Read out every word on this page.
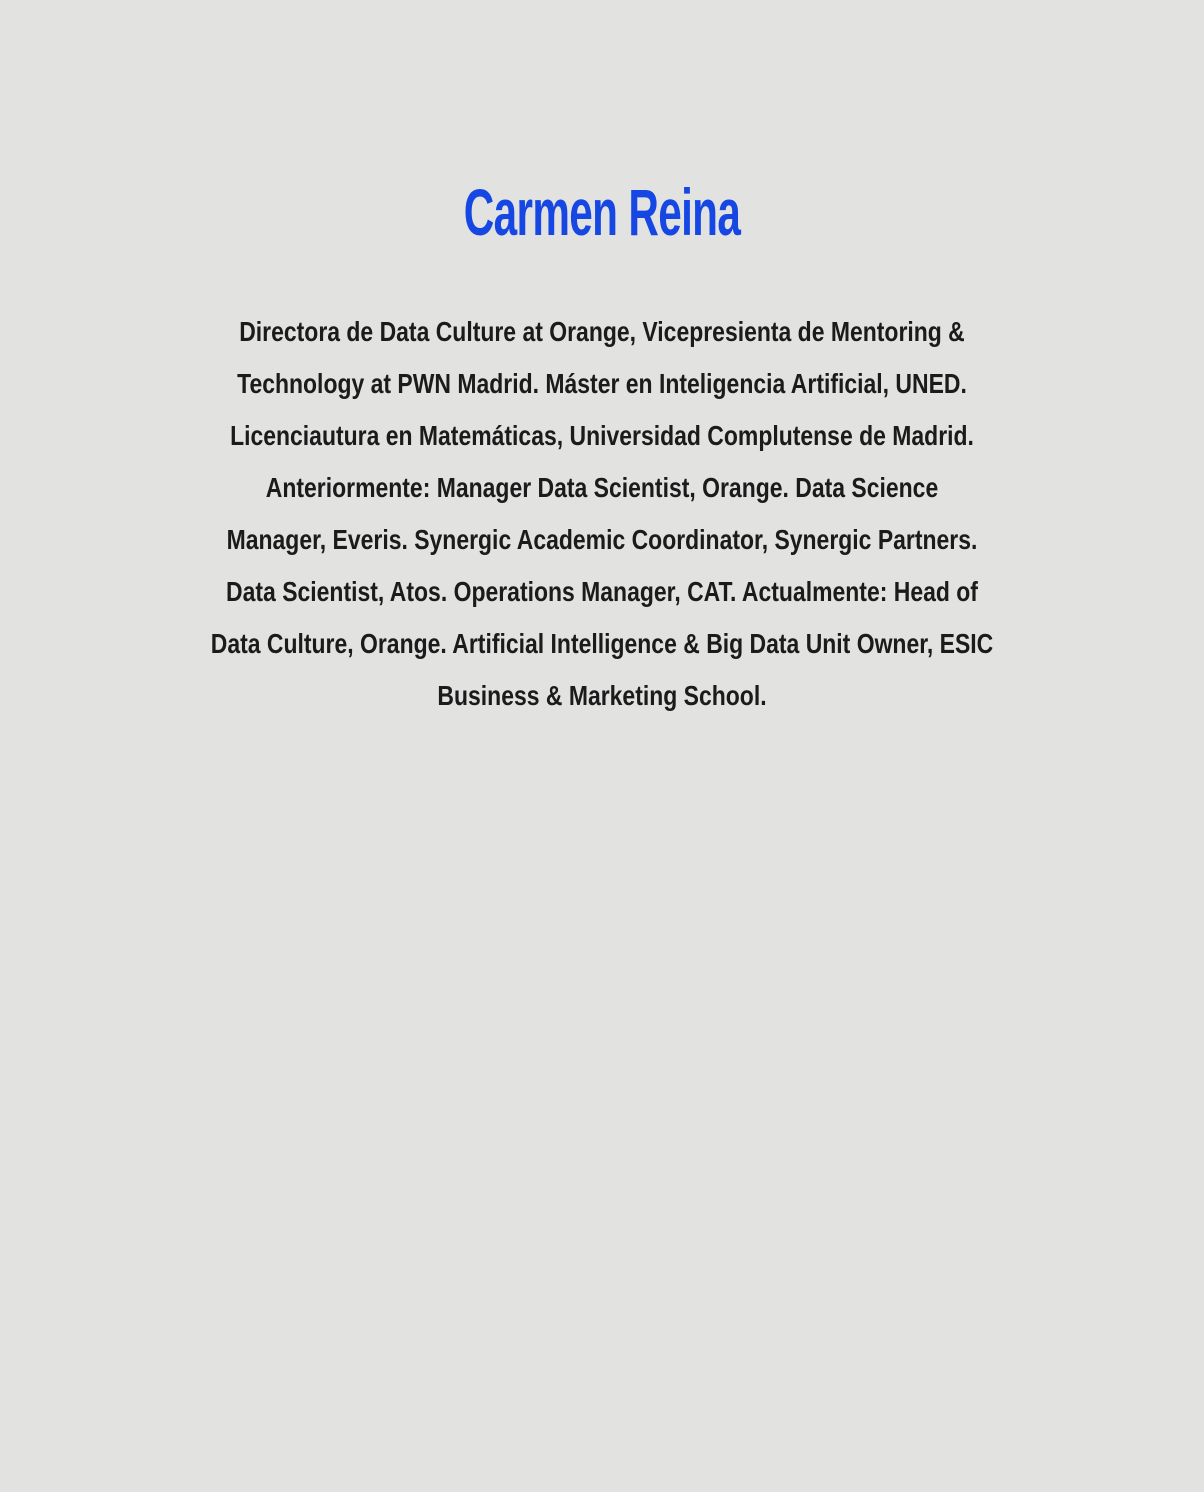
Carmen Reina

Directora de Data Culture at Orange, Vicepresienta de Mentoring &
Technology at PWN Madrid. Máster en Inteligencia Artificial, UNED.
Licenciautura en Matemáticas, Universidad Complutense de Madrid.
Anteriormente: Manager Data Scientist, Orange. Data Science
Manager, Everis. Synergic Academic Coordinator, Synergic Partners.
Data Scientist, Atos. Operations Manager, CAT. Actualmente: Head of
Data Culture, Orange. Artificial Intelligence & Big Data Unit Owner, ESIC
Business & Marketing School.
